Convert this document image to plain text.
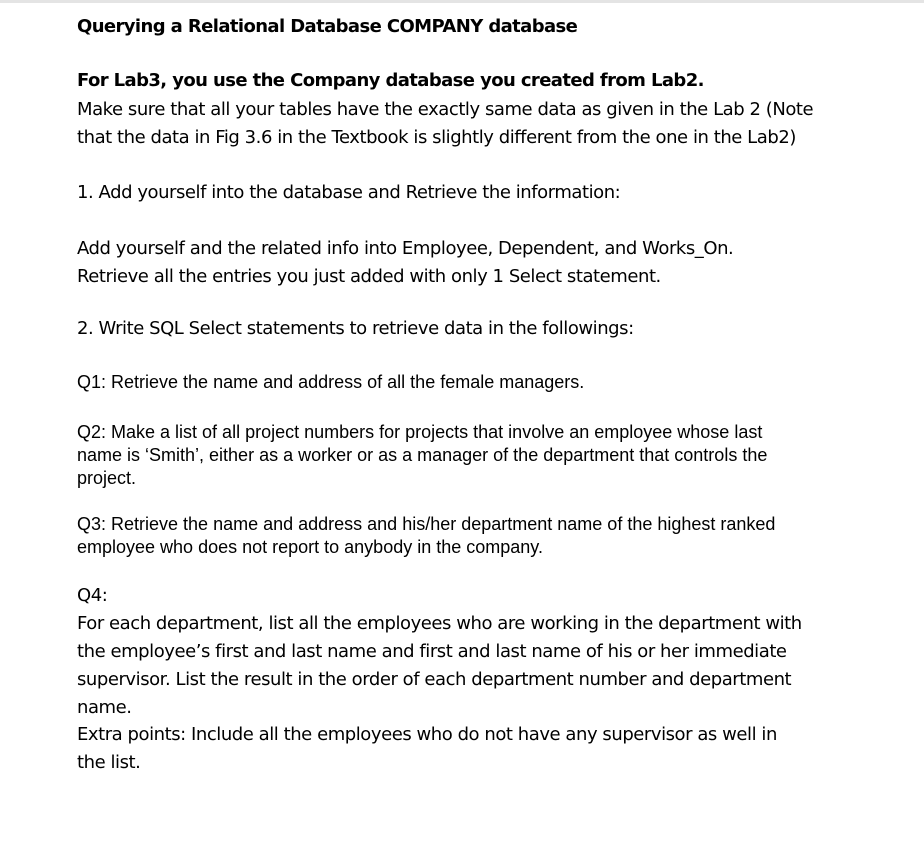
Querying a Relational Database COMPANY database

For Lab3, you use the Company database you created from Lab2.

Make sure that all your tables have the exactly same data as given in the Lab 2 (Note

that the data in Fig 3.6 in the Textbook is slightly different from the one in the Lab2)

1. Add yourself into the database and Retrieve the information:

Add yourself and the related info into Employee, Dependent, and Works_On.

Retrieve all the entries you just added with only 1 Select statement.

2. Write SQL Select statements to retrieve data in the followings:

Q1: Retrieve the name and address of all the female managers.

Q2: Make a list of all project numbers for projects that involve an employee whose last

name is ‘Smith’, either as a worker or as a manager of the department that controls the

project.

Q3: Retrieve the name and address and his/her department name of the highest ranked

employee who does not report to anybody in the company.

Q4:

For each department, list all the employees who are working in the department with

the employee’s first and last name and first and last name of his or her immediate

supervisor. List the result in the order of each department number and department

name.

Extra points: Include all the employees who do not have any supervisor as well in

the list.
